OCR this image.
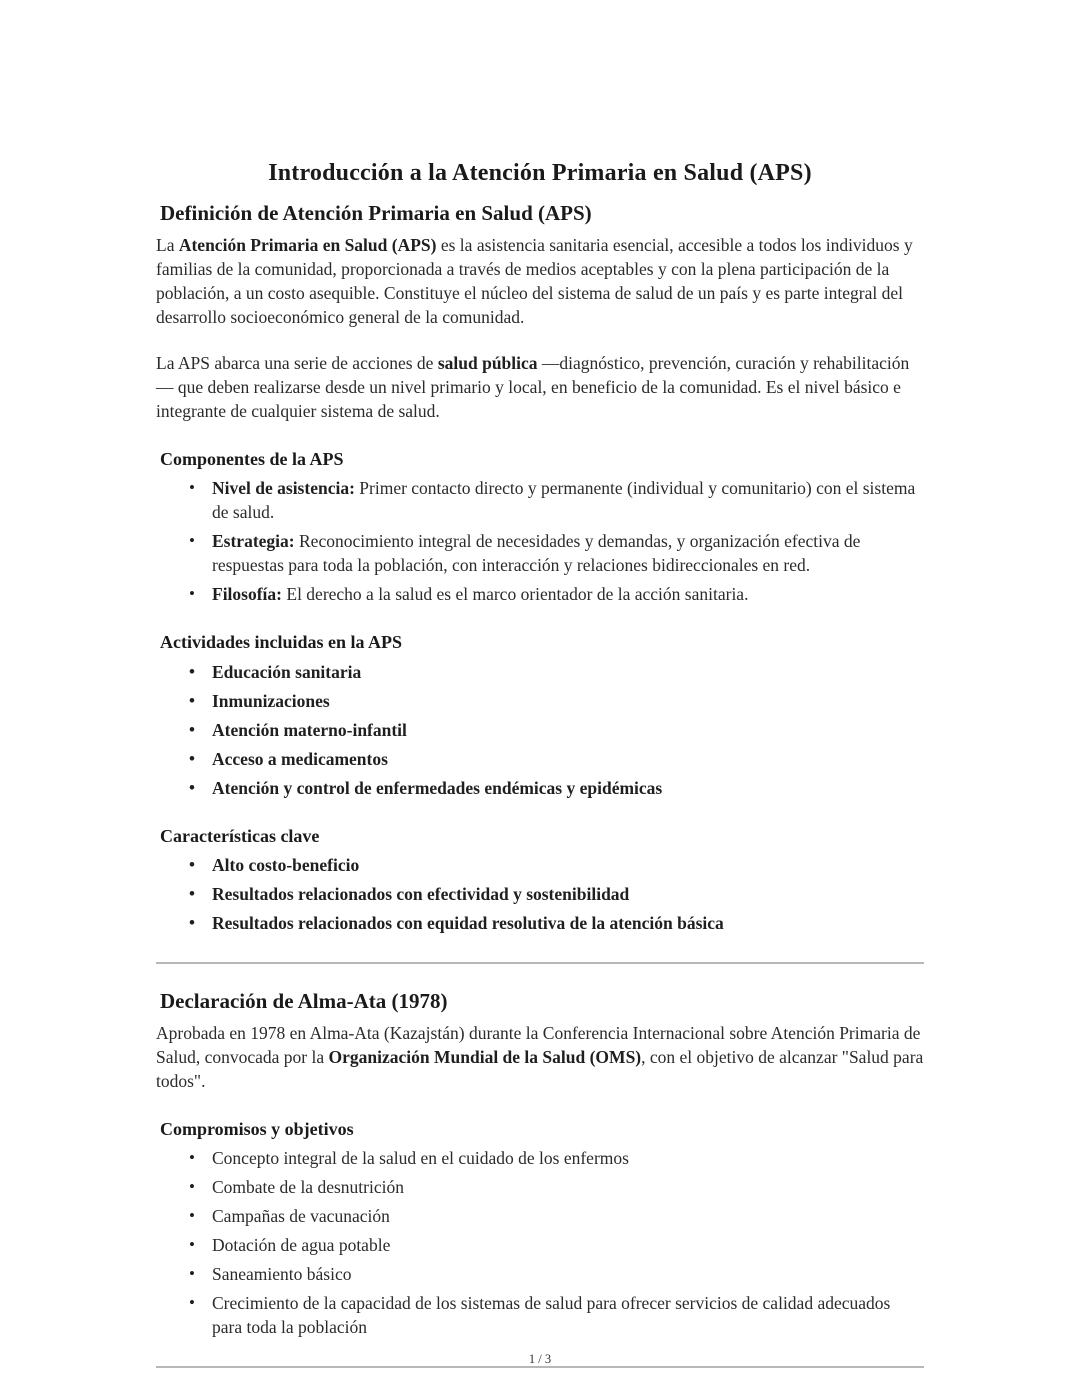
Introducción a la Atención Primaria en Salud (APS)
Definición de Atención Primaria en Salud (APS)

La Atención Primaria en Salud (APS) es la asistencia sanitaria esencial, accesible a todos los individuos y familias de la comunidad, proporcionada a través de medios aceptables y con la plena participación de la población, a un costo asequible. Constituye el núcleo del sistema de salud de un país y es parte integral del desarrollo socioeconómico general de la comunidad.

La APS abarca una serie de acciones de salud pública —diagnóstico, prevención, curación y rehabilitación— que deben realizarse desde un nivel primario y local, en beneficio de la comunidad. Es el nivel básico e integrante de cualquier sistema de salud.

Componentes de la APS
• Nivel de asistencia: Primer contacto directo y permanente (individual y comunitario) con el sistema de salud.
• Estrategia: Reconocimiento integral de necesidades y demandas, y organización efectiva de respuestas para toda la población, con interacción y relaciones bidireccionales en red.
• Filosofía: El derecho a la salud es el marco orientador de la acción sanitaria.
Actividades incluidas en la APS
• Educación sanitaria
• Inmunizaciones
• Atención materno-infantil
• Acceso a medicamentos
• Atención y control de enfermedades endémicas y epidémicas
Características clave
• Alto costo-beneficio
• Resultados relacionados con efectividad y sostenibilidad
• Resultados relacionados con equidad resolutiva de la atención básica
Declaración de Alma-Ata (1978)

Aprobada en 1978 en Alma-Ata (Kazajstán) durante la Conferencia Internacional sobre Atención Primaria de Salud, convocada por la Organización Mundial de la Salud (OMS), con el objetivo de alcanzar "Salud para todos".

Compromisos y objetivos
• Concepto integral de la salud en el cuidado de los enfermos
• Combate de la desnutrición
• Campañas de vacunación
• Dotación de agua potable
• Saneamiento básico
• Crecimiento de la capacidad de los sistemas de salud para ofrecer servicios de calidad adecuados para toda la población
1 / 3
